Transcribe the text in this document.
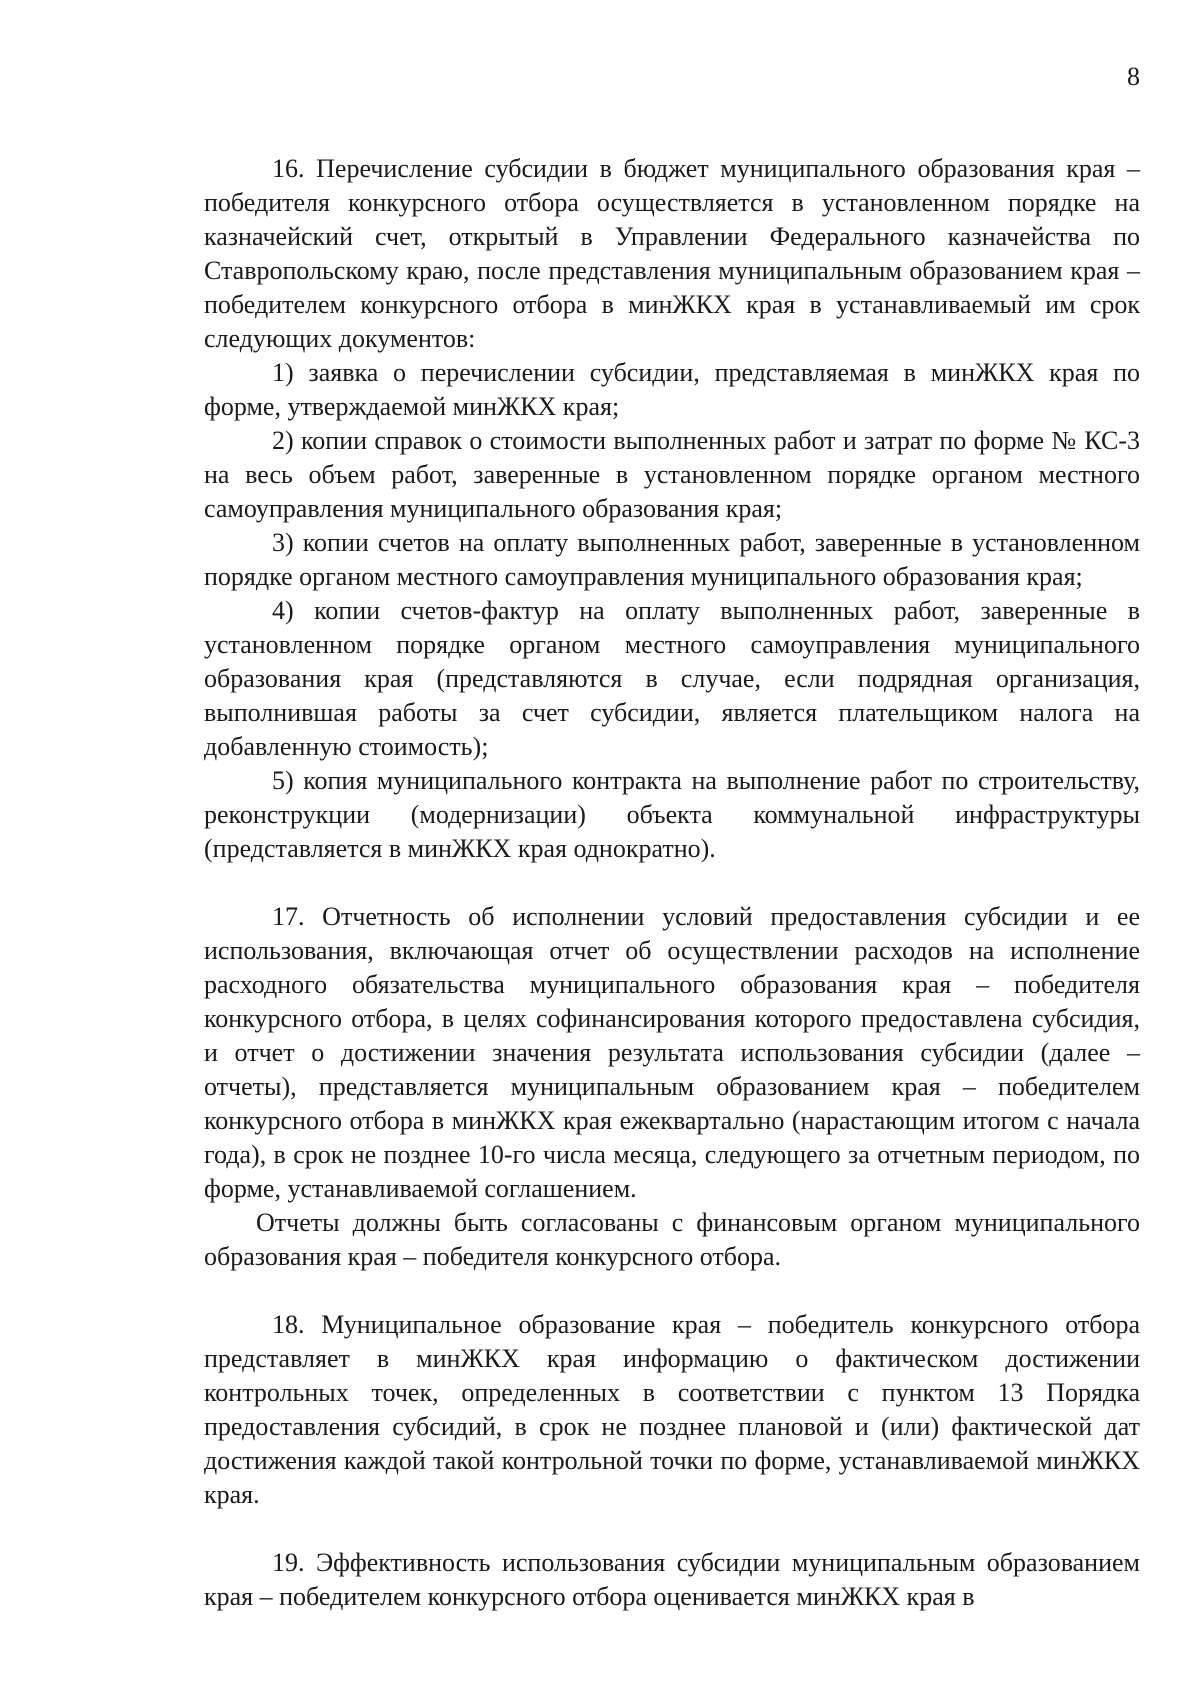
8

16. Перечисление субсидии в бюджет муниципального образования края – победителя конкурсного отбора осуществляется в установленном порядке на казначейский счет, открытый в Управлении Федерального казначейства по Ставропольскому краю, после представления муниципальным образованием края – победителем конкурсного отбора в минЖКХ края в устанавливаемый им срок следующих документов:

1) заявка о перечислении субсидии, представляемая в минЖКХ края по форме, утверждаемой минЖКХ края;

2) копии справок о стоимости выполненных работ и затрат по форме № КС-3 на весь объем работ, заверенные в установленном порядке органом местного самоуправления муниципального образования края;

3) копии счетов на оплату выполненных работ, заверенные в установленном порядке органом местного самоуправления муниципального образования края;

4) копии счетов-фактур на оплату выполненных работ, заверенные в установленном порядке органом местного самоуправления муниципального образования края (представляются в случае, если подрядная организация, выполнившая работы за счет субсидии, является плательщиком налога на добавленную стоимость);

5) копия муниципального контракта на выполнение работ по строительству, реконструкции (модернизации) объекта коммунальной инфраструктуры (представляется в минЖКХ края однократно).

17. Отчетность об исполнении условий предоставления субсидии и ее использования, включающая отчет об осуществлении расходов на исполнение расходного обязательства муниципального образования края – победителя конкурсного отбора, в целях софинансирования которого предоставлена субсидия, и отчет о достижении значения результата использования субсидии (далее – отчеты), представляется муниципальным образованием края – победителем конкурсного отбора в минЖКХ края ежеквартально (нарастающим итогом с начала года), в срок не позднее 10-го числа месяца, следующего за отчетным периодом, по форме, устанавливаемой соглашением.

Отчеты должны быть согласованы с финансовым органом муниципального образования края – победителя конкурсного отбора.

18. Муниципальное образование края – победитель конкурсного отбора представляет в минЖКХ края информацию о фактическом достижении контрольных точек, определенных в соответствии с пунктом 13 Порядка предоставления субсидий, в срок не позднее плановой и (или) фактической дат достижения каждой такой контрольной точки по форме, устанавливаемой минЖКХ края.

19. Эффективность использования субсидии муниципальным образованием края – победителем конкурсного отбора оценивается минЖКХ края в
